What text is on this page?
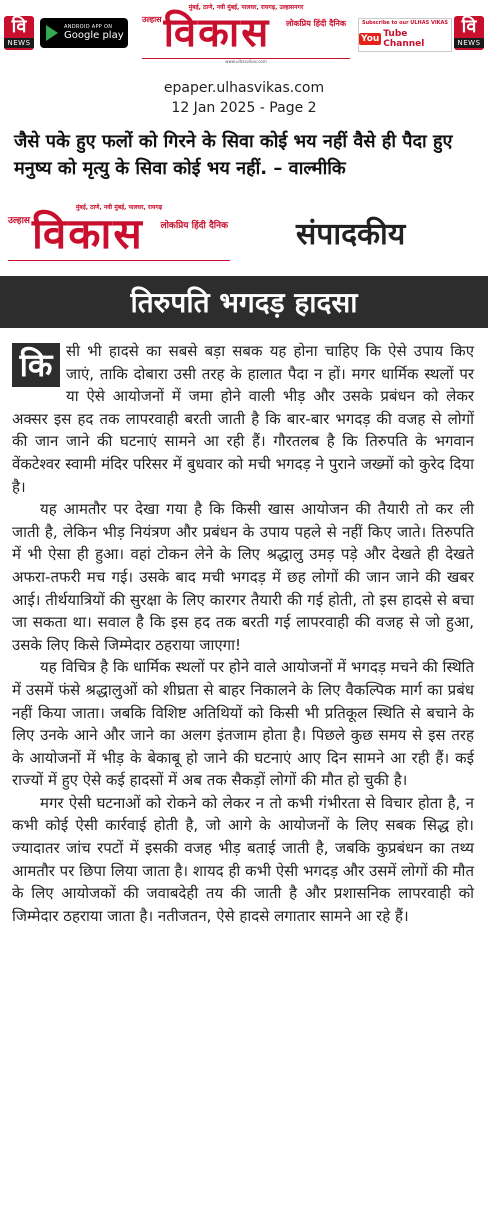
वि
NEWS
ANDROID APP ON
Google play
मुंबई, ठाणे, नवी मुंबई, पालघर, रायगढ़, उल्हासनगर
उल्हास विकास लोकप्रिय हिंदी दैनिक
www.ulhasvikas.com
Subscribe to our ULHAS VIKAS
You Tube Channel
वि
NEWS
epaper.ulhasvikas.com
12 Jan 2025 - Page 2
जैसे पके हुए फलों को गिरने के सिवा कोई भय नहीं वैसे ही पैदा हुए मनुष्य को मृत्यु के सिवा कोई भय नहीं. – वाल्मीकि
मुंबई, ठाणे, नवी मुंबई, पालघर, रायगढ़
उल्हास विकास लोकप्रिय हिंदी दैनिक संपादकीय
तिरुपति भगदड़ हादसा
कि सी भी हादसे का सबसे बड़ा सबक यह होना चाहिए कि ऐसे उपाय किए जाएं, ताकि दोबारा उसी तरह के हालात पैदा न हों। मगर धार्मिक स्थलों पर या ऐसे आयोजनों में जमा होने वाली भीड़ और उसके प्रबंधन को लेकर अक्सर इस हद तक लापरवाही बरती जाती है कि बार-बार भगदड़ की वजह से लोगों की जान जाने की घटनाएं सामने आ रही हैं। गौरतलब है कि तिरुपति के भगवान वेंकटेश्वर स्वामी मंदिर परिसर में बुधवार को मची भगदड़ ने पुराने जख्मों को कुरेद दिया है।

यह आमतौर पर देखा गया है कि किसी खास आयोजन की तैयारी तो कर ली जाती है, लेकिन भीड़ नियंत्रण और प्रबंधन के उपाय पहले से नहीं किए जाते। तिरुपति में भी ऐसा ही हुआ। वहां टोकन लेने के लिए श्रद्धालु उमड़ पड़े और देखते ही देखते अफरा-तफरी मच गई। उसके बाद मची भगदड़ में छह लोगों की जान जाने की खबर आई। तीर्थयात्रियों की सुरक्षा के लिए कारगर तैयारी की गई होती, तो इस हादसे से बचा जा सकता था। सवाल है कि इस हद तक बरती गई लापरवाही की वजह से जो हुआ, उसके लिए किसे जिम्मेदार ठहराया जाएगा!

यह विचित्र है कि धार्मिक स्थलों पर होने वाले आयोजनों में भगदड़ मचने की स्थिति में उसमें फंसे श्रद्धालुओं को शीघ्रता से बाहर निकालने के लिए वैकल्पिक मार्ग का प्रबंध नहीं किया जाता। जबकि विशिष्ट अतिथियों को किसी भी प्रतिकूल स्थिति से बचाने के लिए उनके आने और जाने का अलग इंतजाम होता है। पिछले कुछ समय से इस तरह के आयोजनों में भीड़ के बेकाबू हो जाने की घटनाएं आए दिन सामने आ रही हैं। कई राज्यों में हुए ऐसे कई हादसों में अब तक सैकड़ों लोगों की मौत हो चुकी है।

मगर ऐसी घटनाओं को रोकने को लेकर न तो कभी गंभीरता से विचार होता है, न कभी कोई ऐसी कार्रवाई होती है, जो आगे के आयोजनों के लिए सबक सिद्ध हो। ज्यादातर जांच रपटों में इसकी वजह भीड़ बताई जाती है, जबकि कुप्रबंधन का तथ्य आमतौर पर छिपा लिया जाता है। शायद ही कभी ऐसी भगदड़ और उसमें लोगों की मौत के लिए आयोजकों की जवाबदेही तय की जाती है और प्रशासनिक लापरवाही को जिम्मेदार ठहराया जाता है। नतीजतन, ऐसे हादसे लगातार सामने आ रहे हैं।
